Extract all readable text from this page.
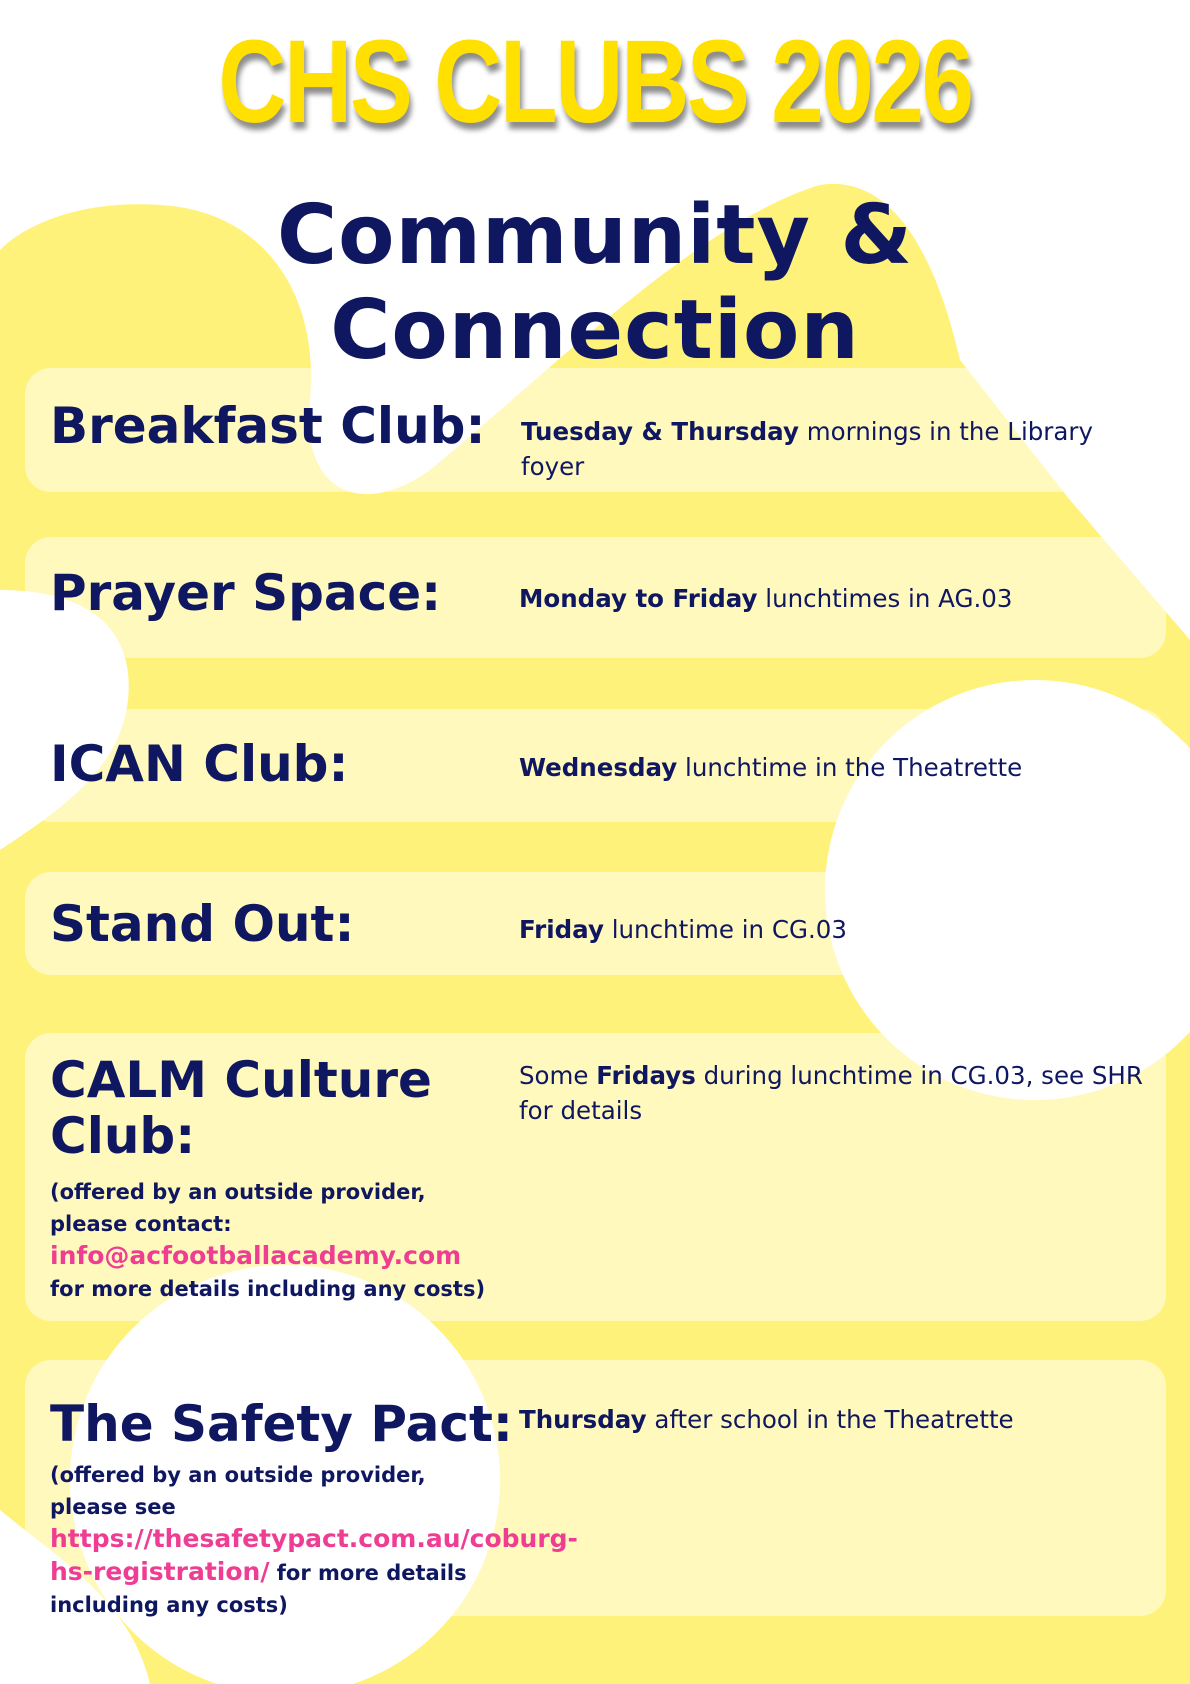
CHS CLUBS 2026
Community & Connection

Breakfast Club: Tuesday & Thursday mornings in the Library foyer

Prayer Space:	Monday to Friday lunchtimes in AG.03

ICAN Club:	Wednesday lunchtime in the Theatrette

Stand Out:	Friday lunchtime in CG.03

CALM Culture Club:

Some Fridays during lunchtime in CG.03, see SHR for details

(offered by an outside provider, please contact: info@acfootballacademy.com for more details including any costs)

The Safety Pact: Thursday after school in the Theatrette

(offered by an outside provider, please see https://thesafetypact.com.au/coburg-hs-registration/ for more details including any costs)
